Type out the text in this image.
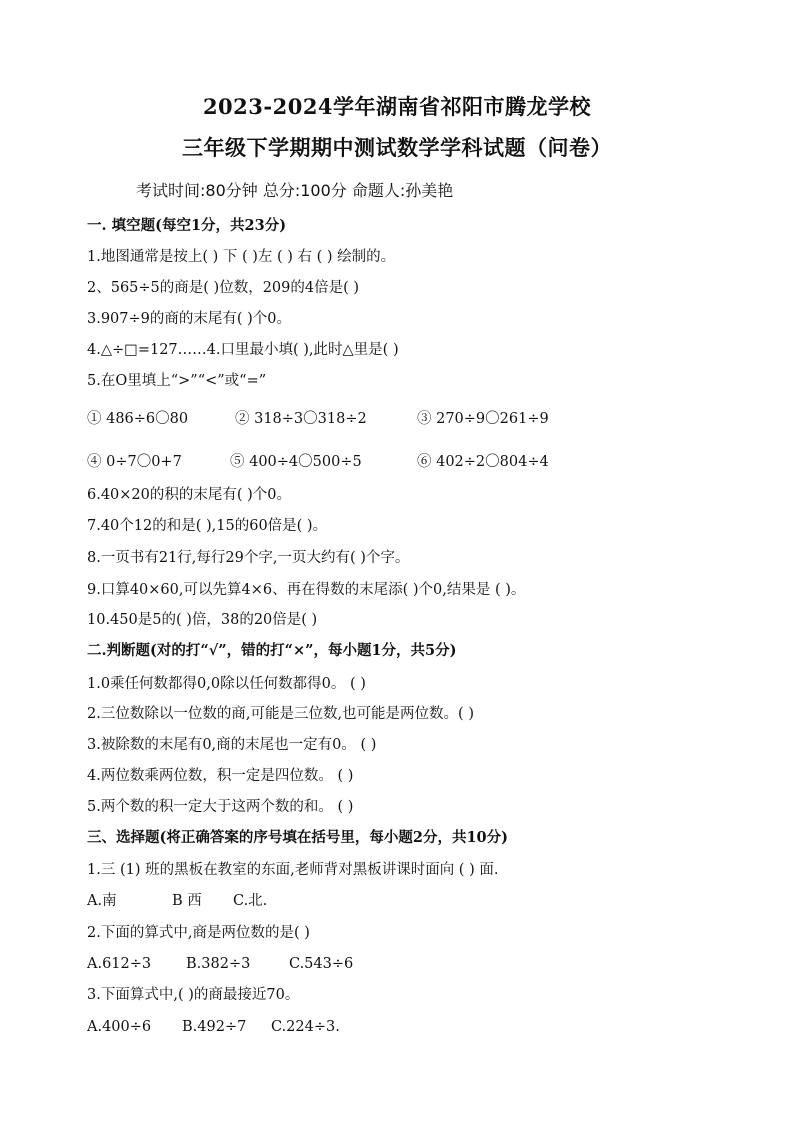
2023-2024学年湖南省祁阳市腾龙学校
三年级下学期期中测试数学学科试题（问卷）
考试时间:80分钟 总分:100分 命题人:孙美艳
一. 填空题(每空1分，共23分)
1.地图通常是按上( ) 下 ( )左 ( ) 右 ( ) 绘制的。
2、565÷5的商是( )位数，209的4倍是( )
3.907÷9的商的末尾有( )个0。
4.△÷□=127……4.口里最小填( ),此时△里是( )
5.在O里填上“>”“<”或“=”
① 486÷6〇80	② 318÷3〇318÷2	③ 270÷9〇261÷9
④ 0÷7〇0+7	⑤ 400÷4〇500÷5	⑥ 402÷2〇804÷4
6.40×20的积的末尾有( )个0。
7.40个12的和是( ),15的60倍是( )。
8.一页书有21行,每行29个字,一页大约有( )个字。
9.口算40×60,可以先算4×6、再在得数的末尾添( )个0,结果是 ( )。
10.450是5的( )倍，38的20倍是( )
二.判断题(对的打“√”，错的打“×”，每小题1分，共5分)
1.0乘任何数都得0,0除以任何数都得0。 ( )
2.三位数除以一位数的商,可能是三位数,也可能是两位数。( )
3.被除数的末尾有0,商的末尾也一定有0。 ( )
4.两位数乘两位数，积一定是四位数。 ( )
5.两个数的积一定大于这两个数的和。 ( )
三、选择题(将正确答案的序号填在括号里，每小题2分，共10分)
1.三 (1) 班的黑板在教室的东面,老师背对黑板讲课时面向 ( ) 面.
A.南	B 西 C.北.
2.下面的算式中,商是两位数的是( )
A.612÷3 B.382÷3	C.543÷6
3.下面算式中,( )的商最接近70。
A.400÷6 B.492÷7 C.224÷3.
